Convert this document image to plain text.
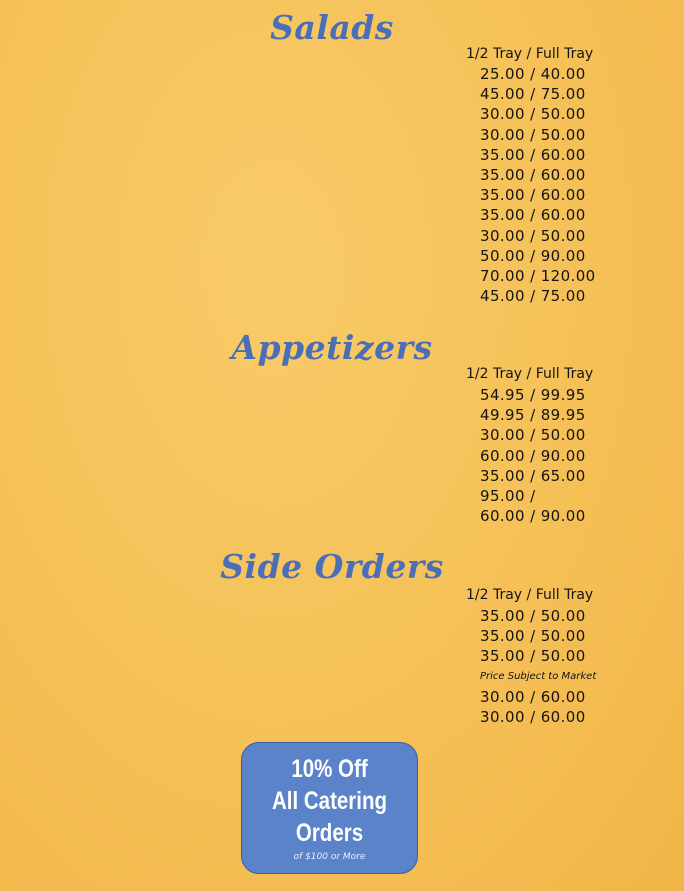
Salads
1/2 Tray / Full Tray
25.00 / 40.00
45.00 / 75.00
30.00 / 50.00
30.00 / 50.00
35.00 / 60.00
35.00 / 60.00
35.00 / 60.00
35.00 / 60.00
30.00 / 50.00
50.00 / 90.00
70.00 / 120.00
45.00 / 75.00
Appetizers
1/2 Tray / Full Tray
54.95 / 99.95
49.95 / 89.95
30.00 / 50.00
60.00 / 90.00
35.00 / 65.00
95.00 /
60.00 / 90.00
Side Orders
1/2 Tray / Full Tray
35.00 / 50.00
35.00 / 50.00
35.00 / 50.00
Price Subject to Market
30.00 / 60.00
30.00 / 60.00
10% Off
All Catering
Orders
of $100 or More
